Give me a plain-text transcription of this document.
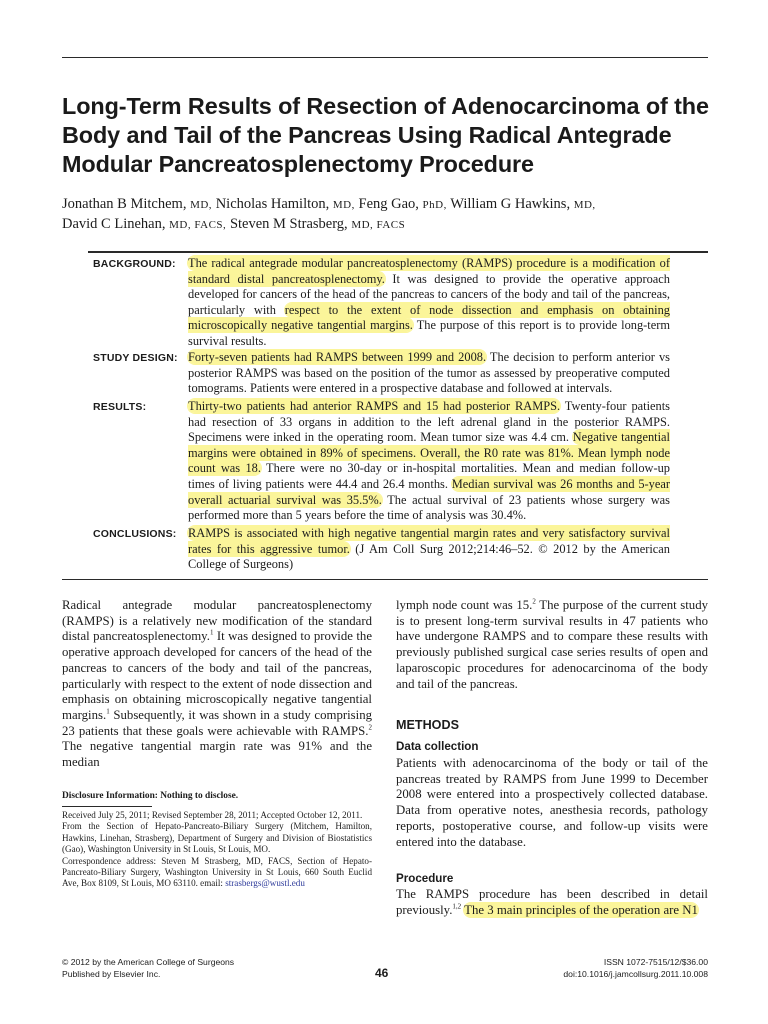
Long-Term Results of Resection of Adenocarcinoma of the Body and Tail of the Pancreas Using Radical Antegrade Modular Pancreatosplenectomy Procedure
Jonathan B Mitchem, MD, Nicholas Hamilton, MD, Feng Gao, PhD, William G Hawkins, MD,
David C Linehan, MD, FACS, Steven M Strasberg, MD, FACS
BACKGROUND: The radical antegrade modular pancreatosplenectomy (RAMPS) procedure is a modification of standard distal pancreatosplenectomy. It was designed to provide the operative approach developed for cancers of the head of the pancreas to cancers of the body and tail of the pancreas, particularly with respect to the extent of node dissection and emphasis on obtaining microscopically negative tangential margins. The purpose of this report is to provide long-term survival results.
STUDY DESIGN: Forty-seven patients had RAMPS between 1999 and 2008. The decision to perform anterior vs posterior RAMPS was based on the position of the tumor as assessed by preoperative computed tomograms. Patients were entered in a prospective database and followed at intervals.
RESULTS:	Thirty-two patients had anterior RAMPS and 15 had posterior RAMPS. Twenty-four patients had resection of 33 organs in addition to the left adrenal gland in the posterior RAMPS. Specimens were inked in the operating room. Mean tumor size was 4.4 cm. Negative tangential margins were obtained in 89% of specimens. Overall, the R0 rate was 81%. Mean lymph node count was 18. There were no 30-day or in-hospital mortalities. Mean and median follow-up times of living patients were 44.4 and 26.4 months. Median survival was 26 months and 5-year overall actuarial survival was 35.5%. The actual survival of 23 patients whose surgery was performed more than 5 years before the time of analysis was 30.4%.
CONCLUSIONS: RAMPS is associated with high negative tangential margin rates and very satisfactory survival rates for this aggressive tumor. (J Am Coll Surg 2012;214:46–52. © 2012 by the American College of Surgeons)
Radical antegrade modular pancreatosplenectomy (RAMPS) is a relatively new modification of the standard distal pancreatosplenectomy.$^1$ It was designed to provide the operative approach developed for cancers of the head of the pancreas to cancers of the body and tail of the pancreas, particularly with respect to the extent of node dissection and emphasis on obtaining microscopically negative tangential margins.$^1$ Subsequently, it was shown in a study comprising 23 patients that these goals were achievable with RAMPS.$^2$ The negative tangential margin rate was 91% and the median
Disclosure Information: Nothing to disclose.
Received July 25, 2011; Revised September 28, 2011; Accepted October 12, 2011.
From the Section of Hepato-Pancreato-Biliary Surgery (Mitchem, Hamilton, Hawkins, Linehan, Strasberg), Department of Surgery and Division of Biostatistics (Gao), Washington University in St Louis, St Louis, MO.
Correspondence address: Steven M Strasberg, MD, FACS, Section of Hepato-Pancreato-Biliary Surgery, Washington University in St Louis, 660 South Euclid Ave, Box 8109, St Louis, MO 63110. email: strasbergs@wustl.edu
lymph node count was 15.$^2$ The purpose of the current study is to present long-term survival results in 47 patients who have undergone RAMPS and to compare these results with previously published surgical case series results of open and laparoscopic procedures for adenocarcinoma of the body and tail of the pancreas.
METHODS
Data collection
Patients with adenocarcinoma of the body or tail of the pancreas treated by RAMPS from June 1999 to December 2008 were entered into a prospectively collected database. Data from operative notes, anesthesia records, pathology reports, postoperative course, and follow-up visits were entered into the database.
Procedure
The RAMPS procedure has been described in detail previously.$^{1,2}$ The 3 main principles of the operation are N1
© 2012 by the American College of Surgeons
Published by Elsevier Inc.	46
ISSN 1072-7515/12/$36.00
doi:10.1016/j.jamcollsurg.2011.10.008
